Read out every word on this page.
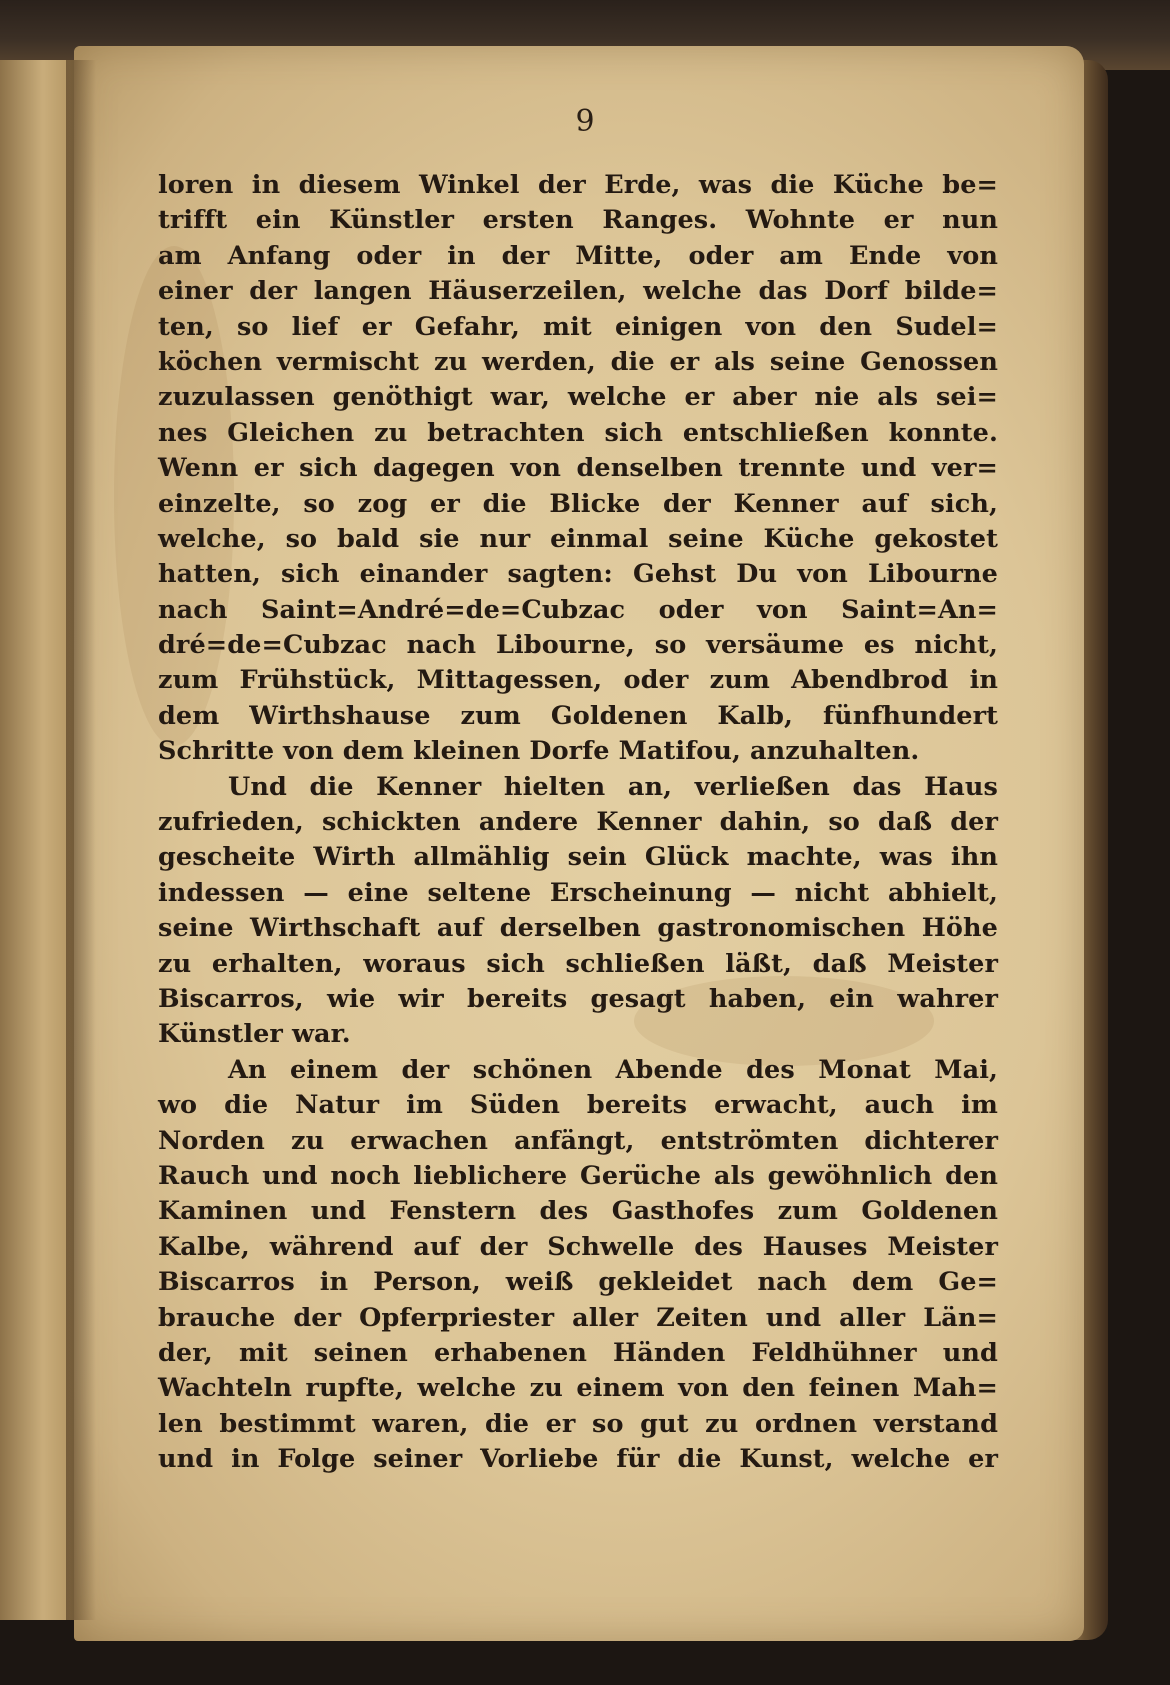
9
loren in diesem Winkel der Erde, was die Küche be=
trifft ein Künstler ersten Ranges. Wohnte er nun
am Anfang oder in der Mitte, oder am Ende von
einer der langen Häuserzeilen, welche das Dorf bilde=
ten, so lief er Gefahr, mit einigen von den Sudel=
köchen vermischt zu werden, die er als seine Genossen
zuzulassen genöthigt war, welche er aber nie als sei=
nes Gleichen zu betrachten sich entschließen konnte.
Wenn er sich dagegen von denselben trennte und ver=
einzelte, so zog er die Blicke der Kenner auf sich,
welche, so bald sie nur einmal seine Küche gekostet
hatten, sich einander sagten: Gehst Du von Libourne
nach Saint=André=de=Cubzac oder von Saint=An=
dré=de=Cubzac nach Libourne, so versäume es nicht,
zum Frühstück, Mittagessen, oder zum Abendbrod in
dem Wirthshause zum Goldenen Kalb, fünfhundert
Schritte von dem kleinen Dorfe Matifou, anzuhalten.
Und die Kenner hielten an, verließen das Haus
zufrieden, schickten andere Kenner dahin, so daß der
gescheite Wirth allmählig sein Glück machte, was ihn
indessen — eine seltene Erscheinung — nicht abhielt,
seine Wirthschaft auf derselben gastronomischen Höhe
zu erhalten, woraus sich schließen läßt, daß Meister
Biscarros, wie wir bereits gesagt haben, ein wahrer
Künstler war.
An einem der schönen Abende des Monat Mai,
wo die Natur im Süden bereits erwacht, auch im
Norden zu erwachen anfängt, entströmten dichterer
Rauch und noch lieblichere Gerüche als gewöhnlich den
Kaminen und Fenstern des Gasthofes zum Goldenen
Kalbe, während auf der Schwelle des Hauses Meister
Biscarros in Person, weiß gekleidet nach dem Ge=
brauche der Opferpriester aller Zeiten und aller Län=
der, mit seinen erhabenen Händen Feldhühner und
Wachteln rupfte, welche zu einem von den feinen Mah=
len bestimmt waren, die er so gut zu ordnen verstand
und in Folge seiner Vorliebe für die Kunst, welche er
